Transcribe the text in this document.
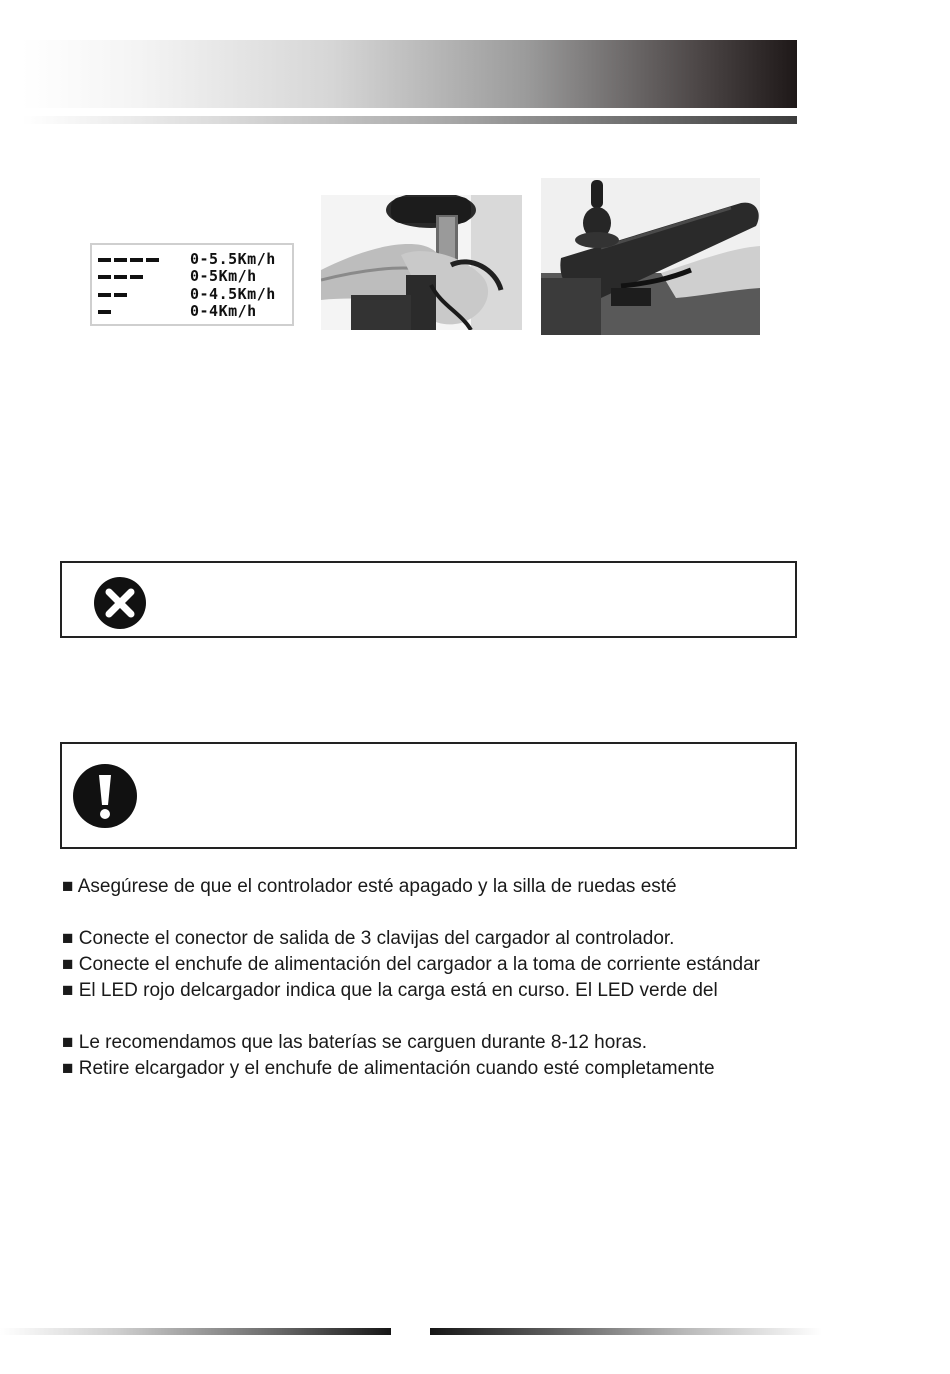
0-5.5Km/h
0-5Km/h
0-4.5Km/h
0-4Km/h
■ Asegúrese de que el controlador esté apagado y la silla de ruedas esté
■ Conecte el conector de salida de 3 clavijas del cargador al controlador.
■ Conecte el enchufe de alimentación del cargador a la toma de corriente estándar
■ El LED rojo delcargador indica que la carga está en curso. El LED verde del
■ Le recomendamos que las baterías se carguen durante 8-12 horas.
■ Retire elcargador y el enchufe de alimentación cuando esté completamente
